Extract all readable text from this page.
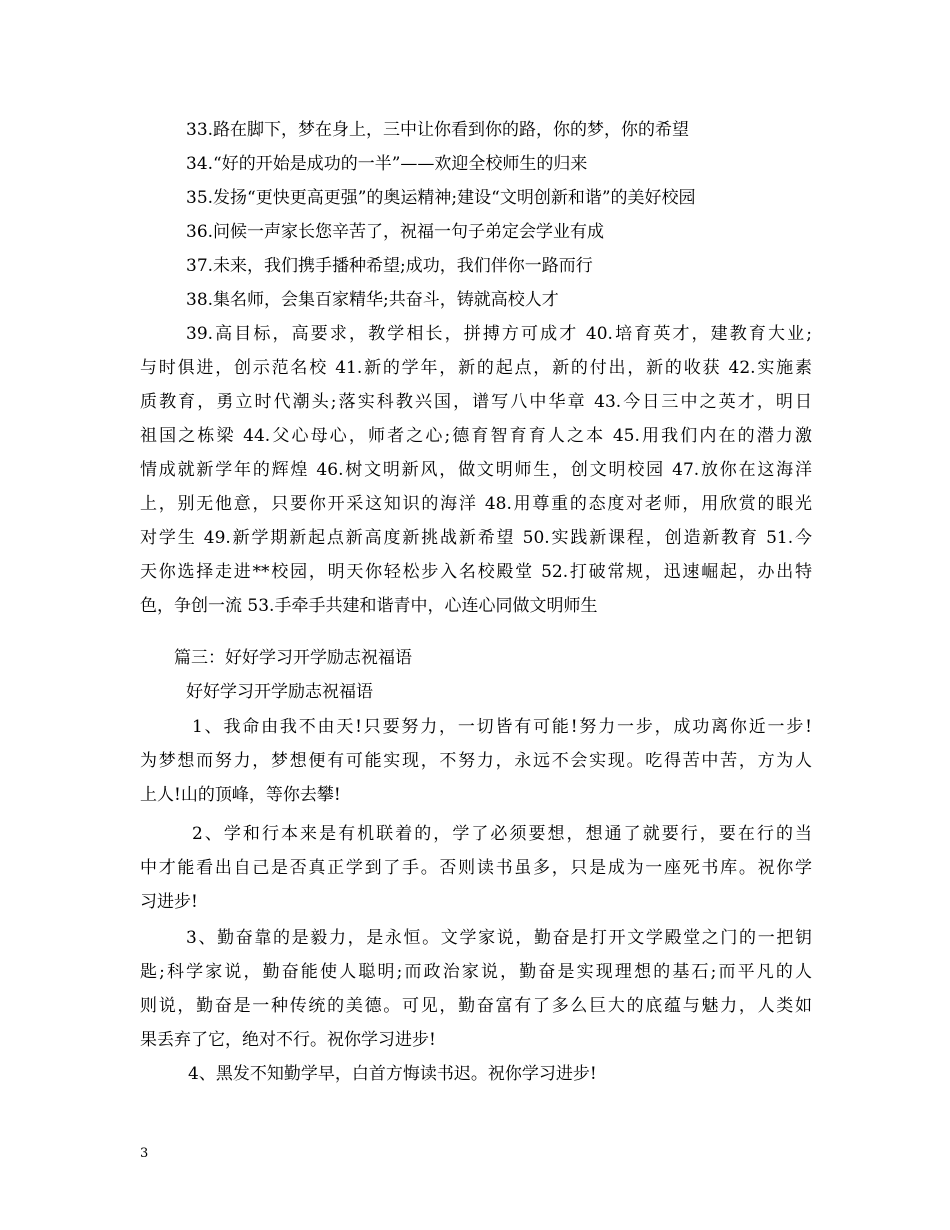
33.路在脚下，梦在身上，三中让你看到你的路，你的梦，你的希望
34.“好的开始是成功的一半”——欢迎全校师生的归来
35.发扬“更快更高更强”的奥运精神;建设“文明创新和谐”的美好校园
36.问候一声家长您辛苦了，祝福一句子弟定会学业有成
37.未来，我们携手播种希望;成功，我们伴你一路而行
38.集名师，会集百家精华;共奋斗，铸就高校人才
39.高目标，高要求，教学相长，拼搏方可成才 40.培育英才，建教育大业;
与时俱进，创示范名校 41.新的学年，新的起点，新的付出，新的收获 42.实施素
质教育，勇立时代潮头;落实科教兴国，谱写八中华章 43.今日三中之英才，明日
祖国之栋梁 44.父心母心，师者之心;德育智育育人之本 45.用我们内在的潜力激
情成就新学年的辉煌 46.树文明新风，做文明师生，创文明校园 47.放你在这海洋
上，别无他意，只要你开采这知识的海洋 48.用尊重的态度对老师，用欣赏的眼光
对学生 49.新学期新起点新高度新挑战新希望 50.实践新课程，创造新教育 51.今
天你选择走进**校园，明天你轻松步入名校殿堂 52.打破常规，迅速崛起，办出特
色，争创一流 53.手牵手共建和谐青中，心连心同做文明师生
篇三：好好学习开学励志祝福语
好好学习开学励志祝福语
1、我命由我不由天!只要努力，一切皆有可能!努力一步，成功离你近一步!
为梦想而努力，梦想便有可能实现，不努力，永远不会实现。吃得苦中苦，方为人
上人!山的顶峰，等你去攀!
2、学和行本来是有机联着的，学了必须要想，想通了就要行，要在行的当
中才能看出自己是否真正学到了手。否则读书虽多，只是成为一座死书库。祝你学
习进步!
3、勤奋靠的是毅力，是永恒。文学家说，勤奋是打开文学殿堂之门的一把钥
匙;科学家说，勤奋能使人聪明;而政治家说，勤奋是实现理想的基石;而平凡的人
则说，勤奋是一种传统的美德。可见，勤奋富有了多么巨大的底蕴与魅力，人类如
果丢弃了它，绝对不行。祝你学习进步!
4、黑发不知勤学早，白首方悔读书迟。祝你学习进步!
3
